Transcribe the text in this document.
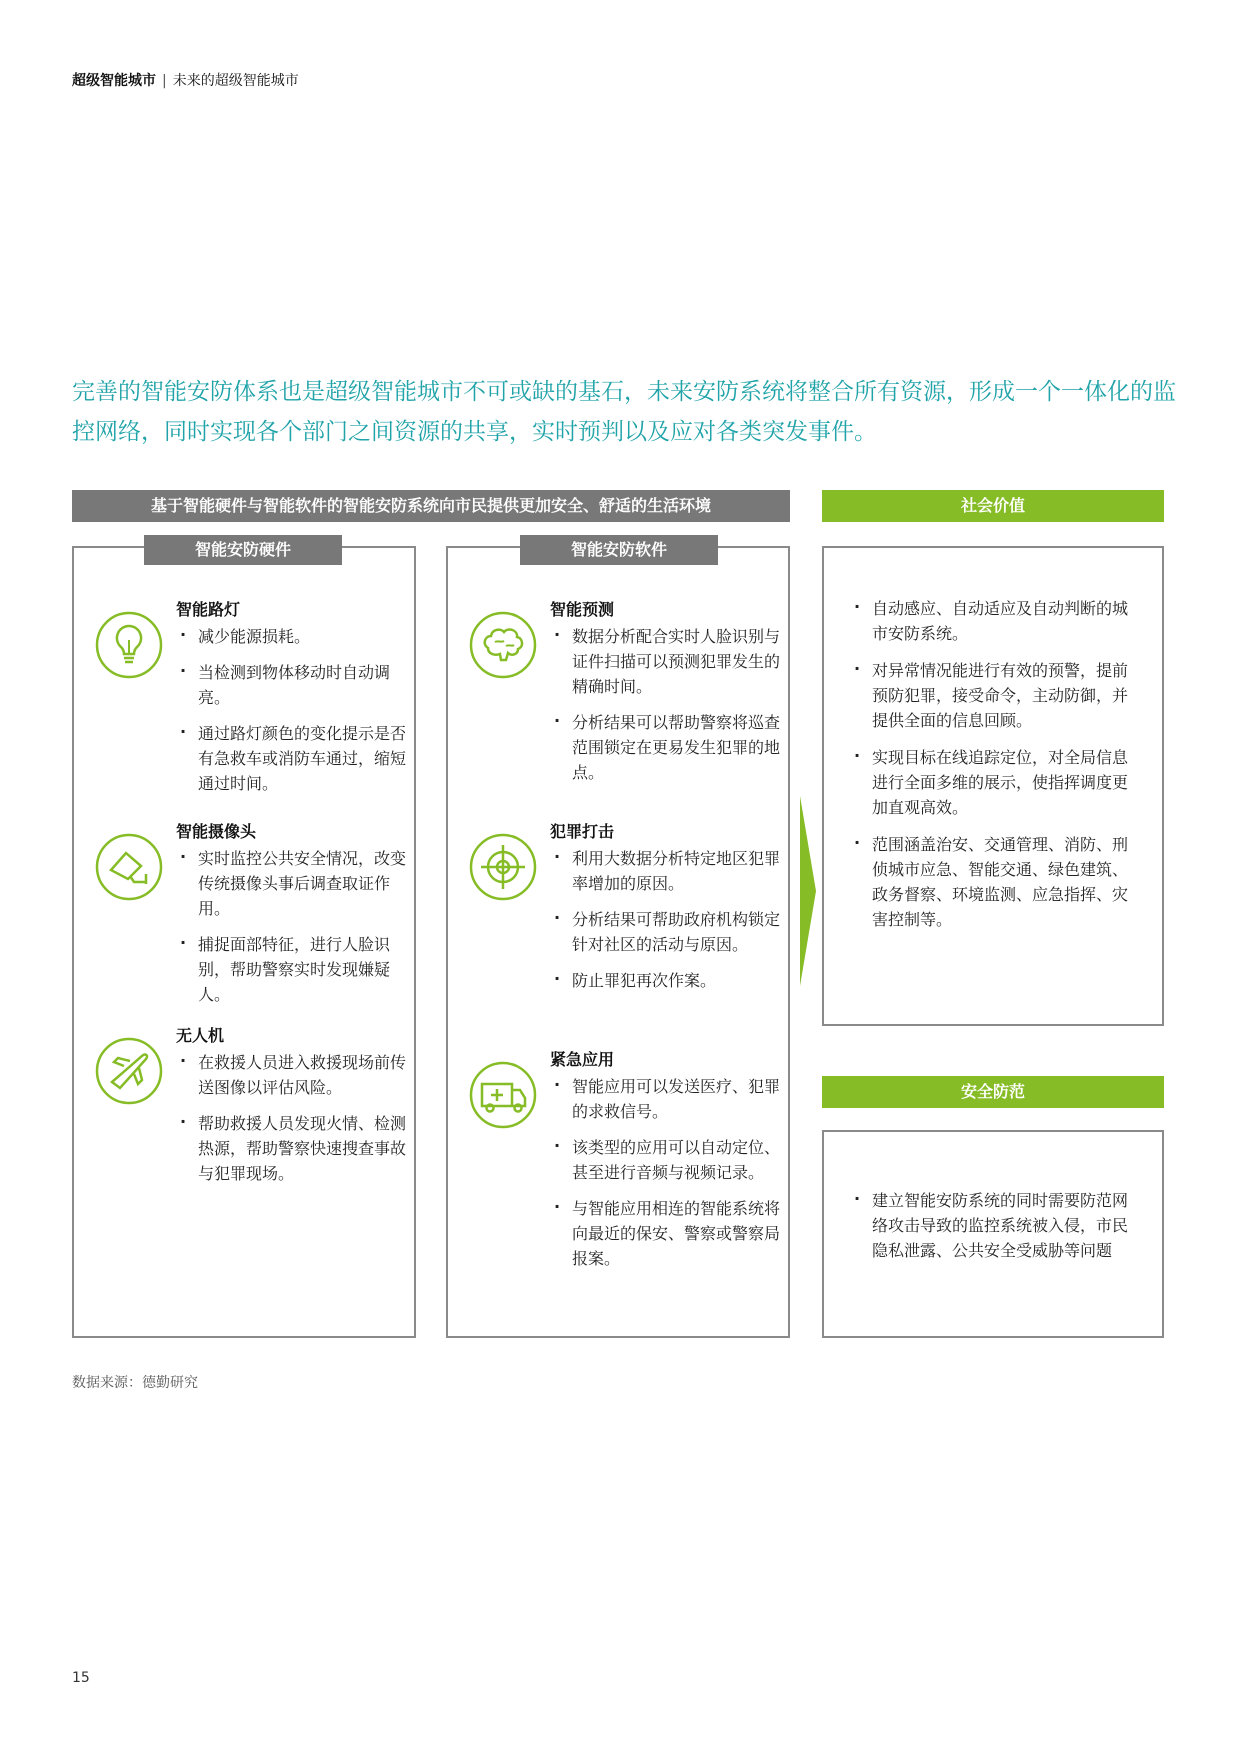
超级智能城市 | 未来的超级智能城市

完善的智能安防体系也是超级智能城市不可或缺的基石，未来安防系统将整合所有资源，形成一个一体化的监控网络，同时实现各个部门之间资源的共享，实时预判以及应对各类突发事件。

基于智能硬件与智能软件的智能安防系统向市民提供更加安全、舒适的生活环境	社会价值
智能安防硬件
智能路灯
· 减少能源损耗。
· 当检测到物体移动时自动调亮。
· 通过路灯颜色的变化提示是否有急救车或消防车通过，缩短通过时间。
智能摄像头
· 实时监控公共安全情况，改变传统摄像头事后调查取证作用。
· 捕捉面部特征，进行人脸识别，帮助警察实时发现嫌疑人。
无人机
· 在救援人员进入救援现场前传送图像以评估风险。
· 帮助救援人员发现火情、检测热源，帮助警察快速搜查事故与犯罪现场。
智能安防软件
智能预测
· 数据分析配合实时人脸识别与证件扫描可以预测犯罪发生的精确时间。
· 分析结果可以帮助警察将巡查范围锁定在更易发生犯罪的地点。
犯罪打击
· 利用大数据分析特定地区犯罪率增加的原因。
· 分析结果可帮助政府机构锁定针对社区的活动与原因。
· 防止罪犯再次作案。
紧急应用
· 智能应用可以发送医疗、犯罪的求救信号。
· 该类型的应用可以自动定位、甚至进行音频与视频记录。
· 与智能应用相连的智能系统将向最近的保安、警察或警察局报案。
· 自动感应、自动适应及自动判断的城市安防系统。
· 对异常情况能进行有效的预警，提前预防犯罪，接受命令，主动防御，并提供全面的信息回顾。
· 实现目标在线追踪定位，对全局信息进行全面多维的展示，使指挥调度更加直观高效。
· 范围涵盖治安、交通管理、消防、刑侦城市应急、智能交通、绿色建筑、政务督察、环境监测、应急指挥、灾害控制等。
安全防范
· 建立智能安防系统的同时需要防范网络攻击导致的监控系统被入侵，市民隐私泄露、公共安全受威胁等问题
数据来源：德勤研究
15
